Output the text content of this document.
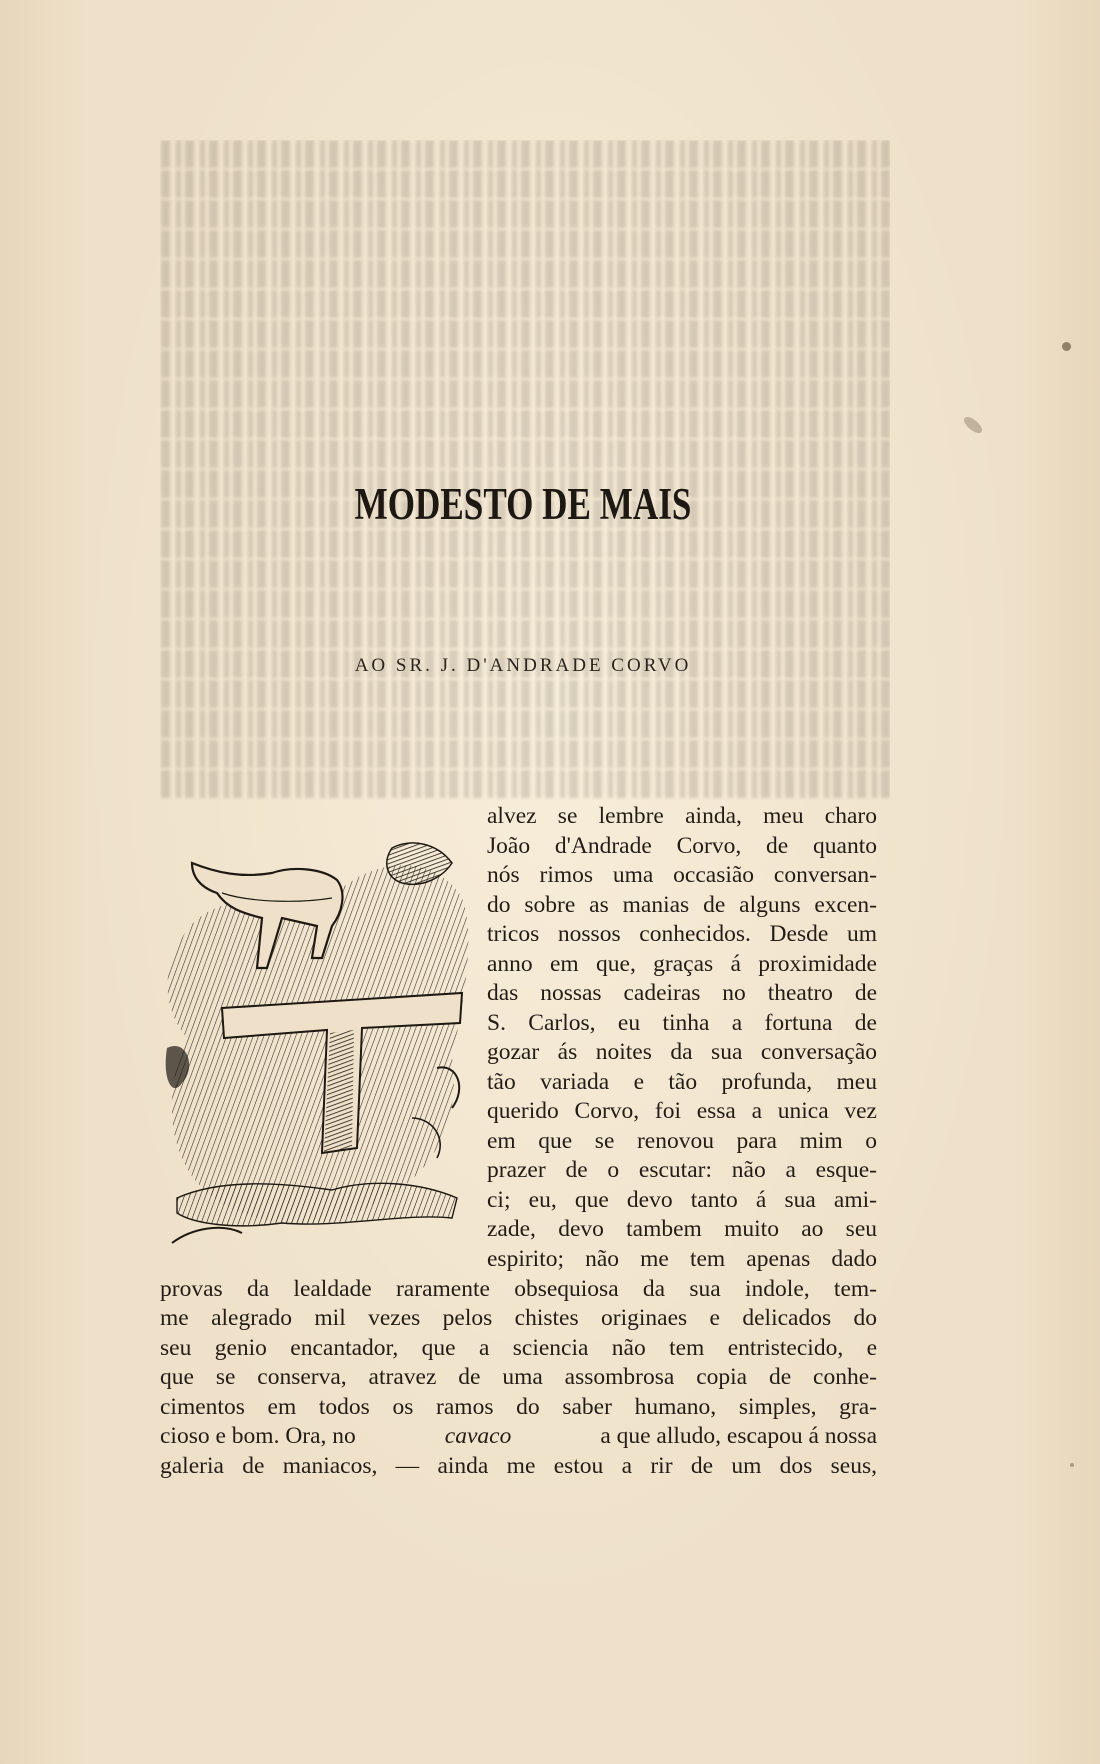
MODESTO DE MAIS
AO SR. J. D'ANDRADE CORVO
alvez se lembre ainda, meu charo
João d'Andrade Corvo, de quanto
nós rimos uma occasião conversan-
do sobre as manias de alguns excen-
tricos nossos conhecidos. Desde um
anno em que, graças á proximidade
das nossas cadeiras no theatro de
S. Carlos, eu tinha a fortuna de
gozar ás noites da sua conversação
tão variada e tão profunda, meu
querido Corvo, foi essa a unica vez
em que se renovou para mim o
prazer de o escutar: não a esque-
ci; eu, que devo tanto á sua ami-
zade, devo tambem muito ao seu
espirito; não me tem apenas dado
provas da lealdade raramente obsequiosa da sua indole, tem-
me alegrado mil vezes pelos chistes originaes e delicados do
seu genio encantador, que a sciencia não tem entristecido, e
que se conserva, atravez de uma assombrosa copia de conhe-
cimentos em todos os ramos do saber humano, simples, gra-
cioso e bom. Ora, no	cavaco	a que alludo, escapou á nossa
galeria de maniacos, — ainda me estou a rir de um dos seus,
